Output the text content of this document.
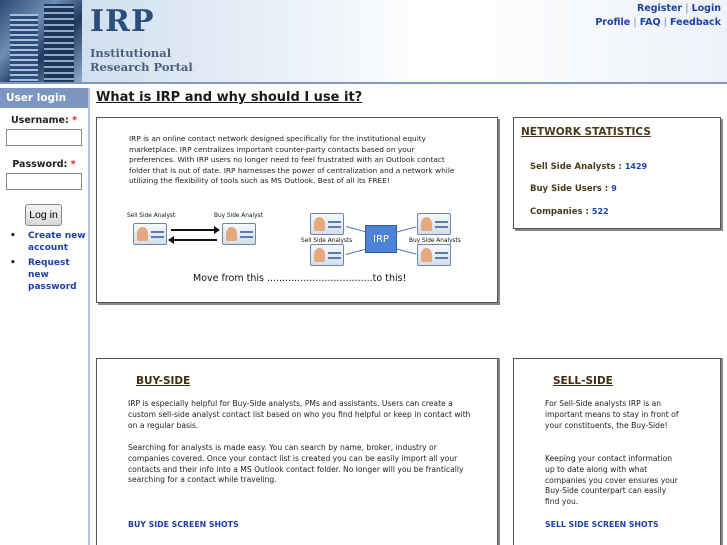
IRP
Institutional
Research Portal
Register | Login
Profile | FAQ | Feedback
User login
Username: *
Password: *
Log in
• Create new account
• Request new password
What is IRP and why should I use it?
IRP is an online contact network designed specifically for the institutional equity marketplace. IRP centralizes important counter-party contacts based on your preferences. With IRP users no longer need to feel frustrated with an Outlook contact folder that is out of date. IRP harnesses the power of centralization and a network while utilizing the flexibility of tools such as MS Outlook. Best of all its FREE!
Sell Side Analyst	Buy Side Analyst
Sell Side Analysts	Buy Side Analysts
IRP
Move from this ...................................to this!
NETWORK STATISTICS
Sell Side Analysts : 1429
Buy Side Users : 9
Companies : 522
BUY-SIDE
IRP is especially helpful for Buy-Side analysts, PMs and assistants. Users can create a custom sell-side analyst contact list based on who you find helpful or keep in contact with on a regular basis.
Searching for analysts is made easy. You can search by name, broker, industry or companies covered. Once your contact list is created you can be easily import all your contacts and their info into a MS Outlook contact folder. No longer will you be frantically searching for a contact while traveling.
BUY SIDE SCREEN SHOTS
SELL-SIDE
For Sell-Side analysts IRP is an important means to stay in front of your constituents, the Buy-Side!
Keeping your contact information up to date along with what companies you cover ensures your Buy-Side counterpart can easily find you.
SELL SIDE SCREEN SHOTS
